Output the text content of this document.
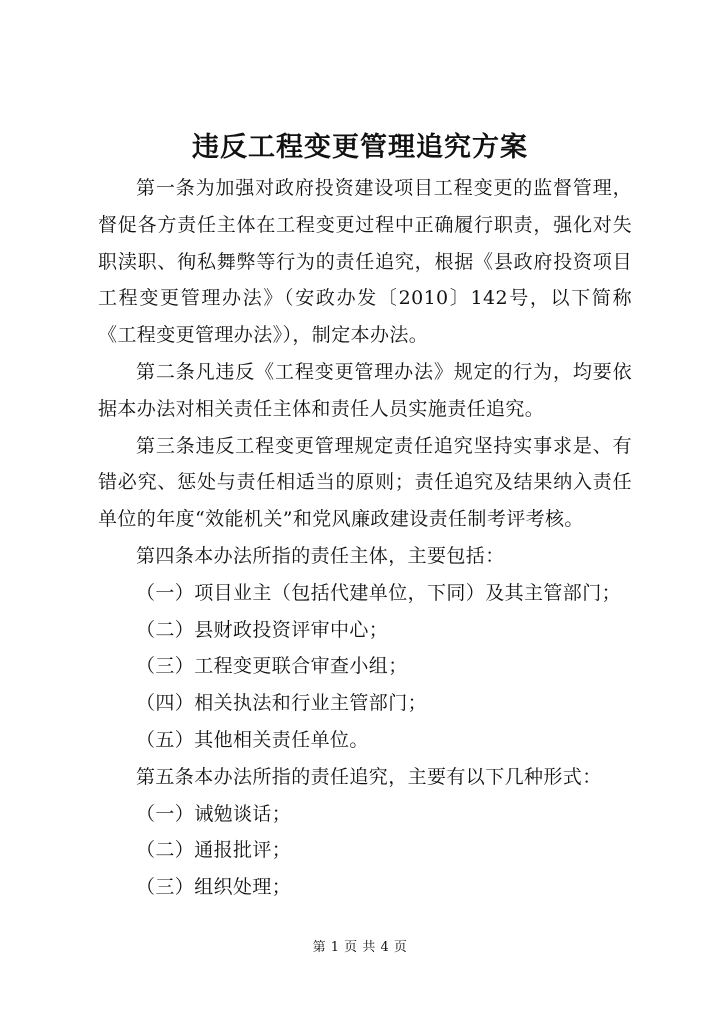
违反工程变更管理追究方案

第一条为加强对政府投资建设项目工程变更的监督管理，督促各方责任主体在工程变更过程中正确履行职责，强化对失职渎职、徇私舞弊等行为的责任追究，根据《县政府投资项目工程变更管理办法》（安政办发〔2010〕142号，以下简称《工程变更管理办法》），制定本办法。

第二条凡违反《工程变更管理办法》规定的行为，均要依据本办法对相关责任主体和责任人员实施责任追究。

第三条违反工程变更管理规定责任追究坚持实事求是、有错必究、惩处与责任相适当的原则；责任追究及结果纳入责任单位的年度“效能机关”和党风廉政建设责任制考评考核。

第四条本办法所指的责任主体，主要包括：

（一）项目业主（包括代建单位，下同）及其主管部门；

（二）县财政投资评审中心；

（三）工程变更联合审查小组；

（四）相关执法和行业主管部门；

（五）其他相关责任单位。

第五条本办法所指的责任追究，主要有以下几种形式：

（一）诫勉谈话；

（二）通报批评；

（三）组织处理；

第 1 页 共 4 页
